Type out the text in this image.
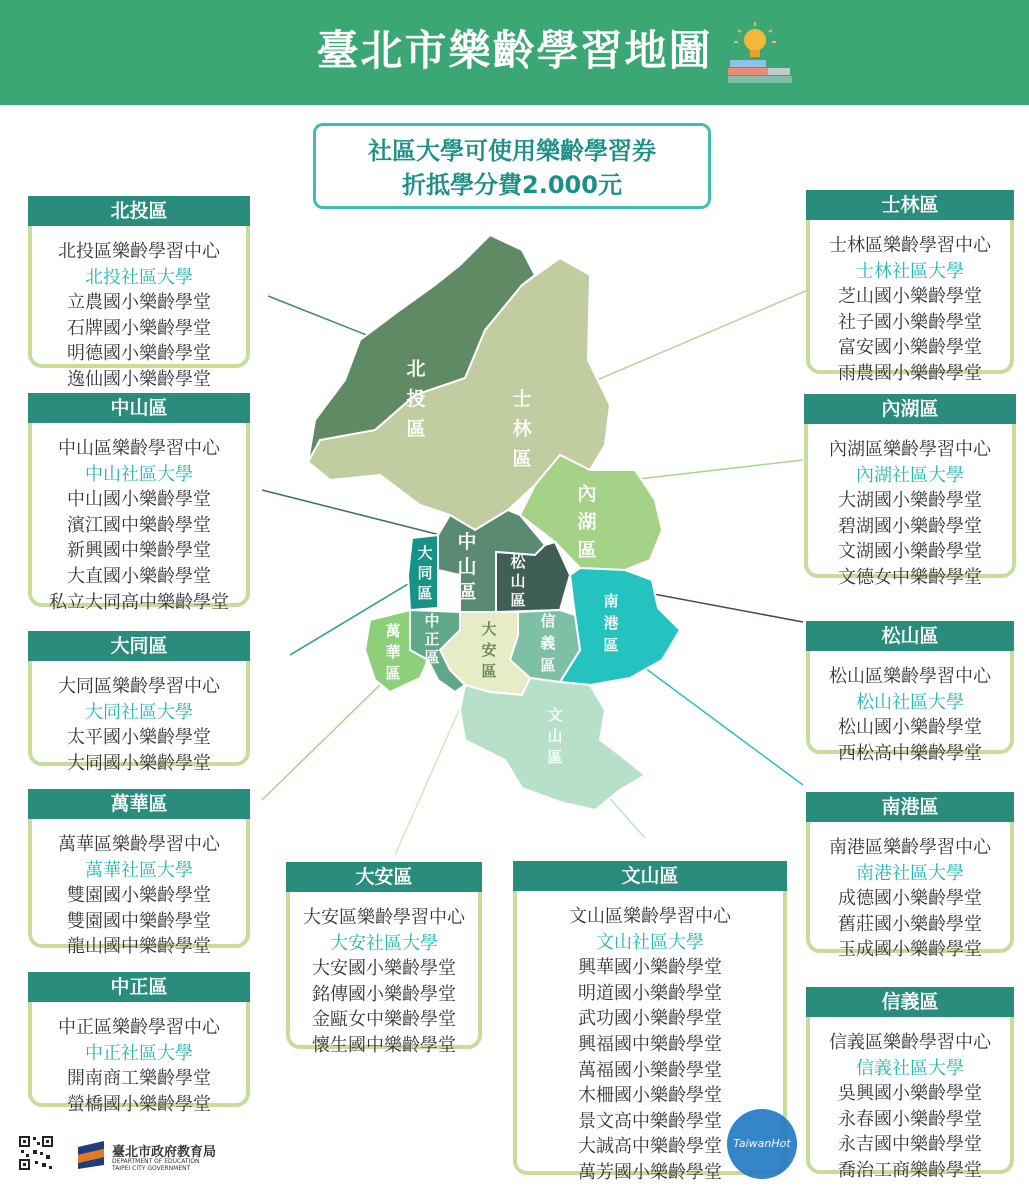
臺北市樂齡學習地圖
社區大學可使用樂齡學習券
折抵學分費2.000元
北
投
區
士
林
區
內
湖
區
中
山
區
大
同
區
松
山
區	南
港
區
萬
華
區
中
正
區
大
安
區
信
義
區
文
山
區
北投區
北投區樂齡學習中心
北投社區大學
立農國小樂齡學堂
石牌國小樂齡學堂
明德國小樂齡學堂
逸仙國小樂齡學堂
中山區
中山區樂齡學習中心
中山社區大學
中山國小樂齡學堂
濱江國中樂齡學堂
新興國中樂齡學堂
大直國小樂齡學堂
私立大同高中樂齡學堂
大同區
大同區樂齡學習中心
大同社區大學
太平國小樂齡學堂
大同國小樂齡學堂
萬華區
萬華區樂齡學習中心
萬華社區大學
雙園國小樂齡學堂
雙園國中樂齡學堂
龍山國中樂齡學堂
中正區
中正區樂齡學習中心
中正社區大學
開南商工樂齡學堂
螢橋國小樂齡學堂
大安區
大安區樂齡學習中心
大安社區大學
大安國小樂齡學堂
銘傳國小樂齡學堂
金甌女中樂齡學堂
懷生國中樂齡學堂
文山區
文山區樂齡學習中心
文山社區大學
興華國小樂齡學堂
明道國小樂齡學堂
武功國小樂齡學堂
興福國中樂齡學堂
萬福國小樂齡學堂
木柵國小樂齡學堂
景文高中樂齡學堂
大誠高中樂齡學堂
萬芳國小樂齡學堂
士林區
士林區樂齡學習中心
士林社區大學
芝山國小樂齡學堂
社子國小樂齡學堂
富安國小樂齡學堂
雨農國小樂齡學堂
內湖區
內湖區樂齡學習中心
內湖社區大學
大湖國小樂齡學堂
碧湖國小樂齡學堂
文湖國小樂齡學堂
文德女中樂齡學堂
松山區
松山區樂齡學習中心
松山社區大學
松山國小樂齡學堂
西松高中樂齡學堂
南港區
南港區樂齡學習中心
南港社區大學
成德國小樂齡學堂
舊莊國小樂齡學堂
玉成國小樂齡學堂
信義區
信義區樂齡學習中心
信義社區大學
吳興國小樂齡學堂
永春國小樂齡學堂
永吉國中樂齡學堂
喬治工商樂齡學堂
臺北市政府教育局
DEPARTMENT OF EDUCATION
TAIPEI CITY GOVERNMENT
TaiwanHot
